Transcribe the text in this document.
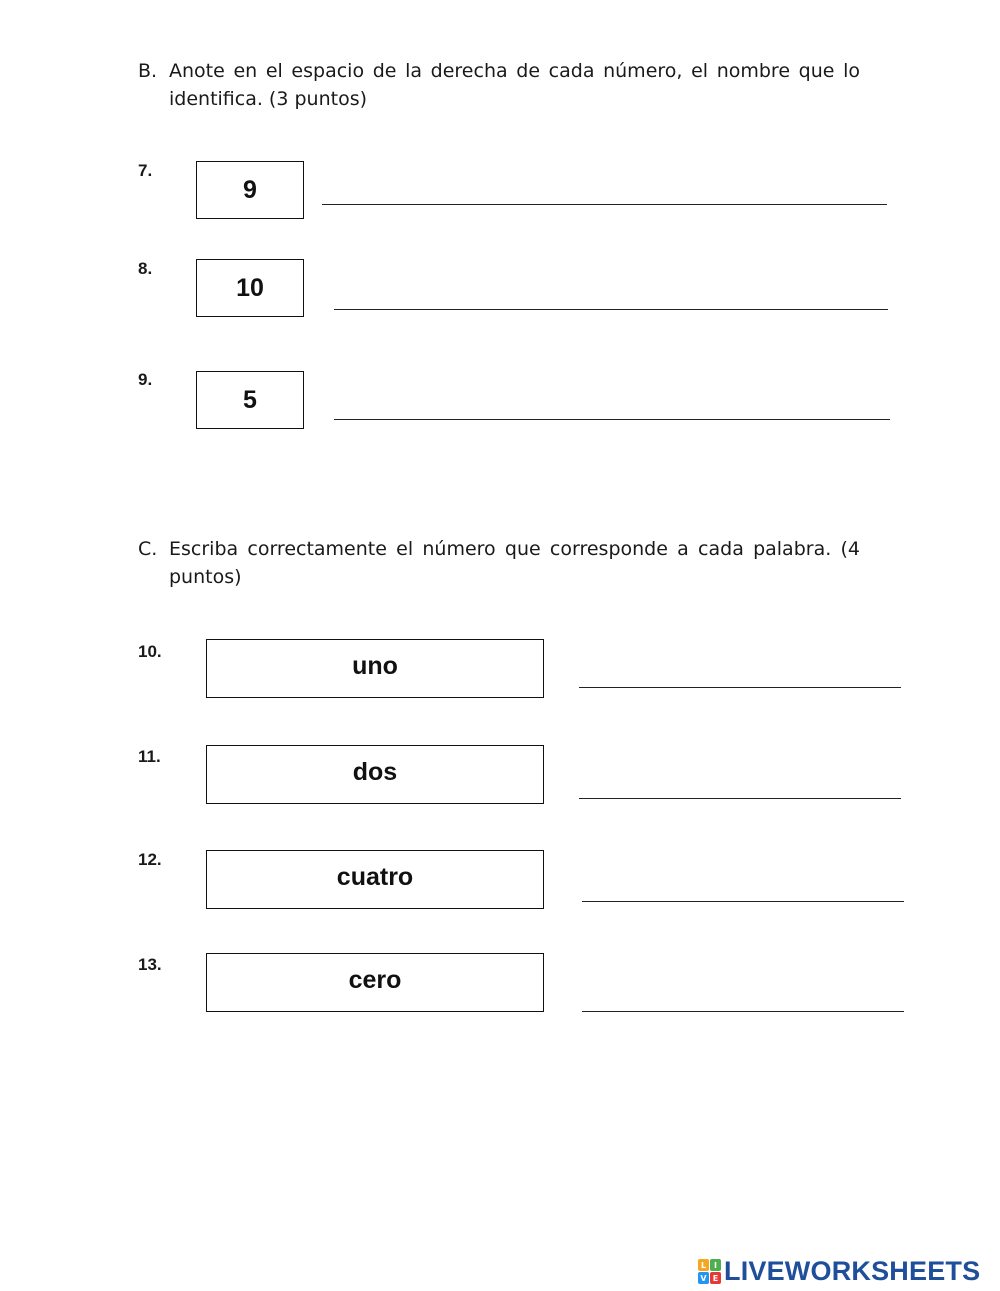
B. Anote en el espacio de la derecha de cada número, el nombre que lo identifica. (3 puntos)
7.
9
8.
10
9.
5
C. Escriba correctamente el número que corresponde a cada palabra. (4 puntos)
10.
uno
11.
dos
12.
cuatro
13.
cero
L I
V E LIVEWORKSHEETS
